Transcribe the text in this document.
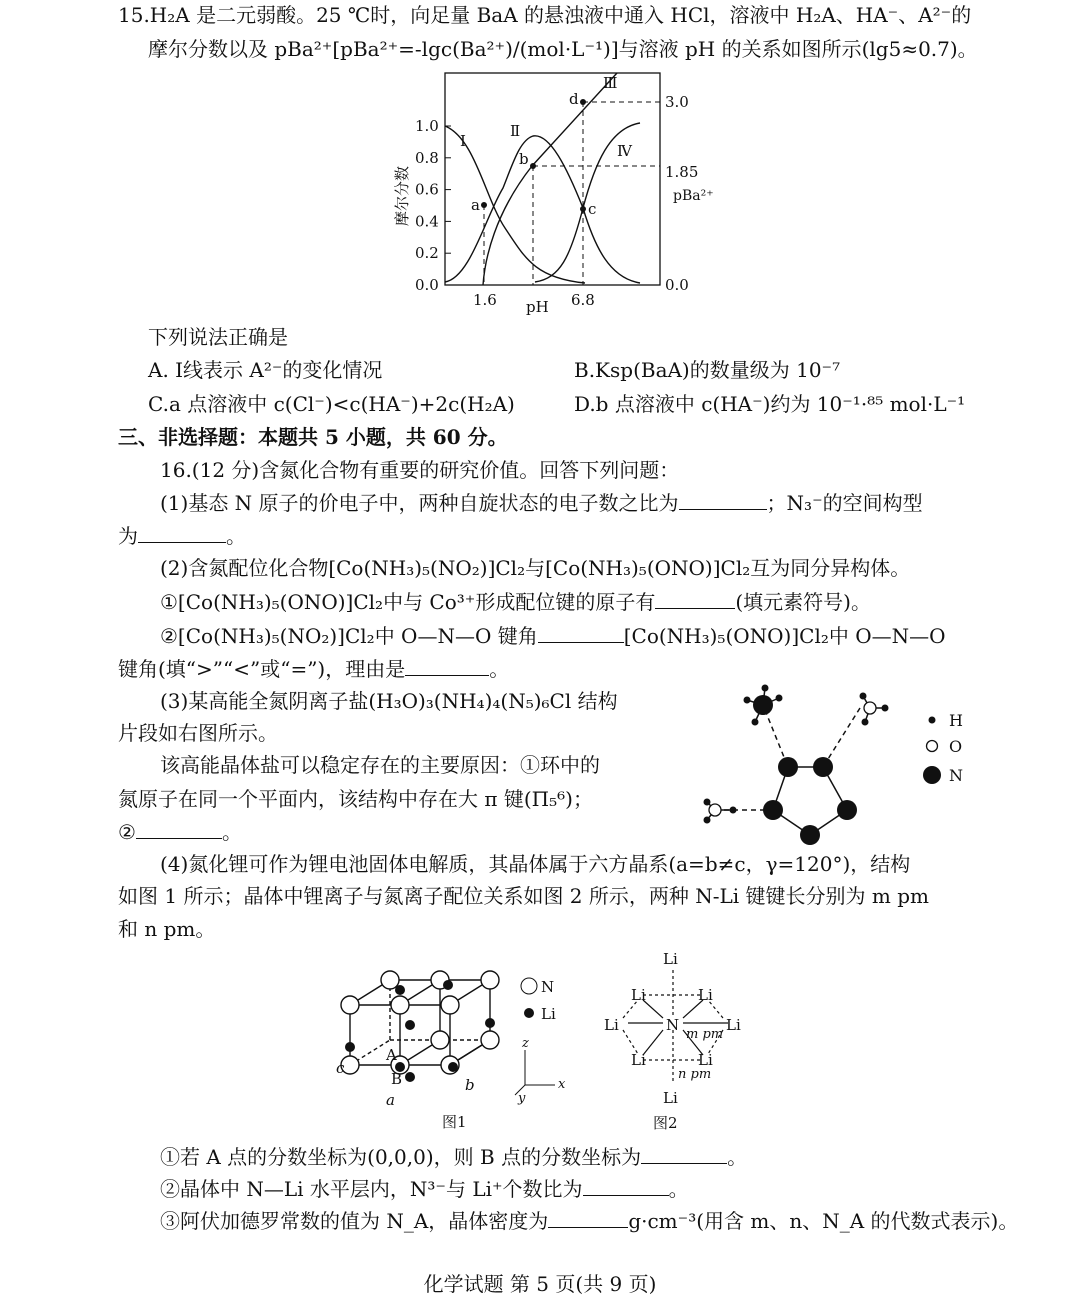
15.H₂A 是二元弱酸。25 ℃时，向足量 BaA 的悬浊液中通入 HCl，溶液中 H₂A、HA⁻、A²⁻的
摩尔分数以及 pBa²⁺[pBa²⁺=-lgc(Ba²⁺)/(mol·L⁻¹)]与溶液 pH 的关系如图所示(lg5≈0.7)。
1.0
0.8
0.6
0.4
0.2
0.0
3.0
1.85
0.0
a
b
c
d
Ⅰ
Ⅱ
Ⅲ
Ⅳ
1.6	6.8
pH
摩尔分数	pBa²⁺
下列说法正确是
A. Ⅰ线表示 A²⁻的变化情况	B.Ksp(BaA)的数量级为 10⁻⁷
C.a 点溶液中 c(Cl⁻)<c(HA⁻)+2c(H₂A)	D.b 点溶液中 c(HA⁻)约为 10⁻¹·⁸⁵ mol·L⁻¹
三、非选择题：本题共 5 小题，共 60 分。
16.(12 分)含氮化合物有重要的研究价值。回答下列问题：
(1)基态 N 原子的价电子中，两种自旋状态的电子数之比为	；N₃⁻的空间构型
为	。
(2)含氮配位化合物[Co(NH₃)₅(NO₂)]Cl₂与[Co(NH₃)₅(ONO)]Cl₂互为同分异构体。
①[Co(NH₃)₅(ONO)]Cl₂中与 Co³⁺形成配位键的原子有	(填元素符号)。
②[Co(NH₃)₅(NO₂)]Cl₂中 O—N—O 键角	[Co(NH₃)₅(ONO)]Cl₂中 O—N—O
键角(填“>”“<”或“=”)，理由是	。
(3)某高能全氮阴离子盐(H₃O)₃(NH₄)₄(N₅)₆Cl 结构
片段如右图所示。
该高能晶体盐可以稳定存在的主要原因：①环中的
氮原子在同一个平面内，该结构中存在大 π 键(Π₅⁶)；
②	。
H
O
N
(4)氮化锂可作为锂电池固体电解质，其晶体属于六方晶系(a=b≠c，γ=120°)，结构
如图 1 所示；晶体中锂离子与氮离子配位关系如图 2 所示，两种 N-Li 键键长分别为 m pm
和 n pm。
A
B
a
b
c
z
x
y
N
Li
图1
Li
Li	Li
Li	N	Li
Li	Li
Li
m pm
n pm
图2
①若 A 点的分数坐标为(0,0,0)，则 B 点的分数坐标为	。
②晶体中 N—Li 水平层内，N³⁻与 Li⁺个数比为	。
③阿伏加德罗常数的值为 N_A，晶体密度为	g·cm⁻³(用含 m、n、N_A 的代数式表示)。
化学试题 第 5 页(共 9 页)
